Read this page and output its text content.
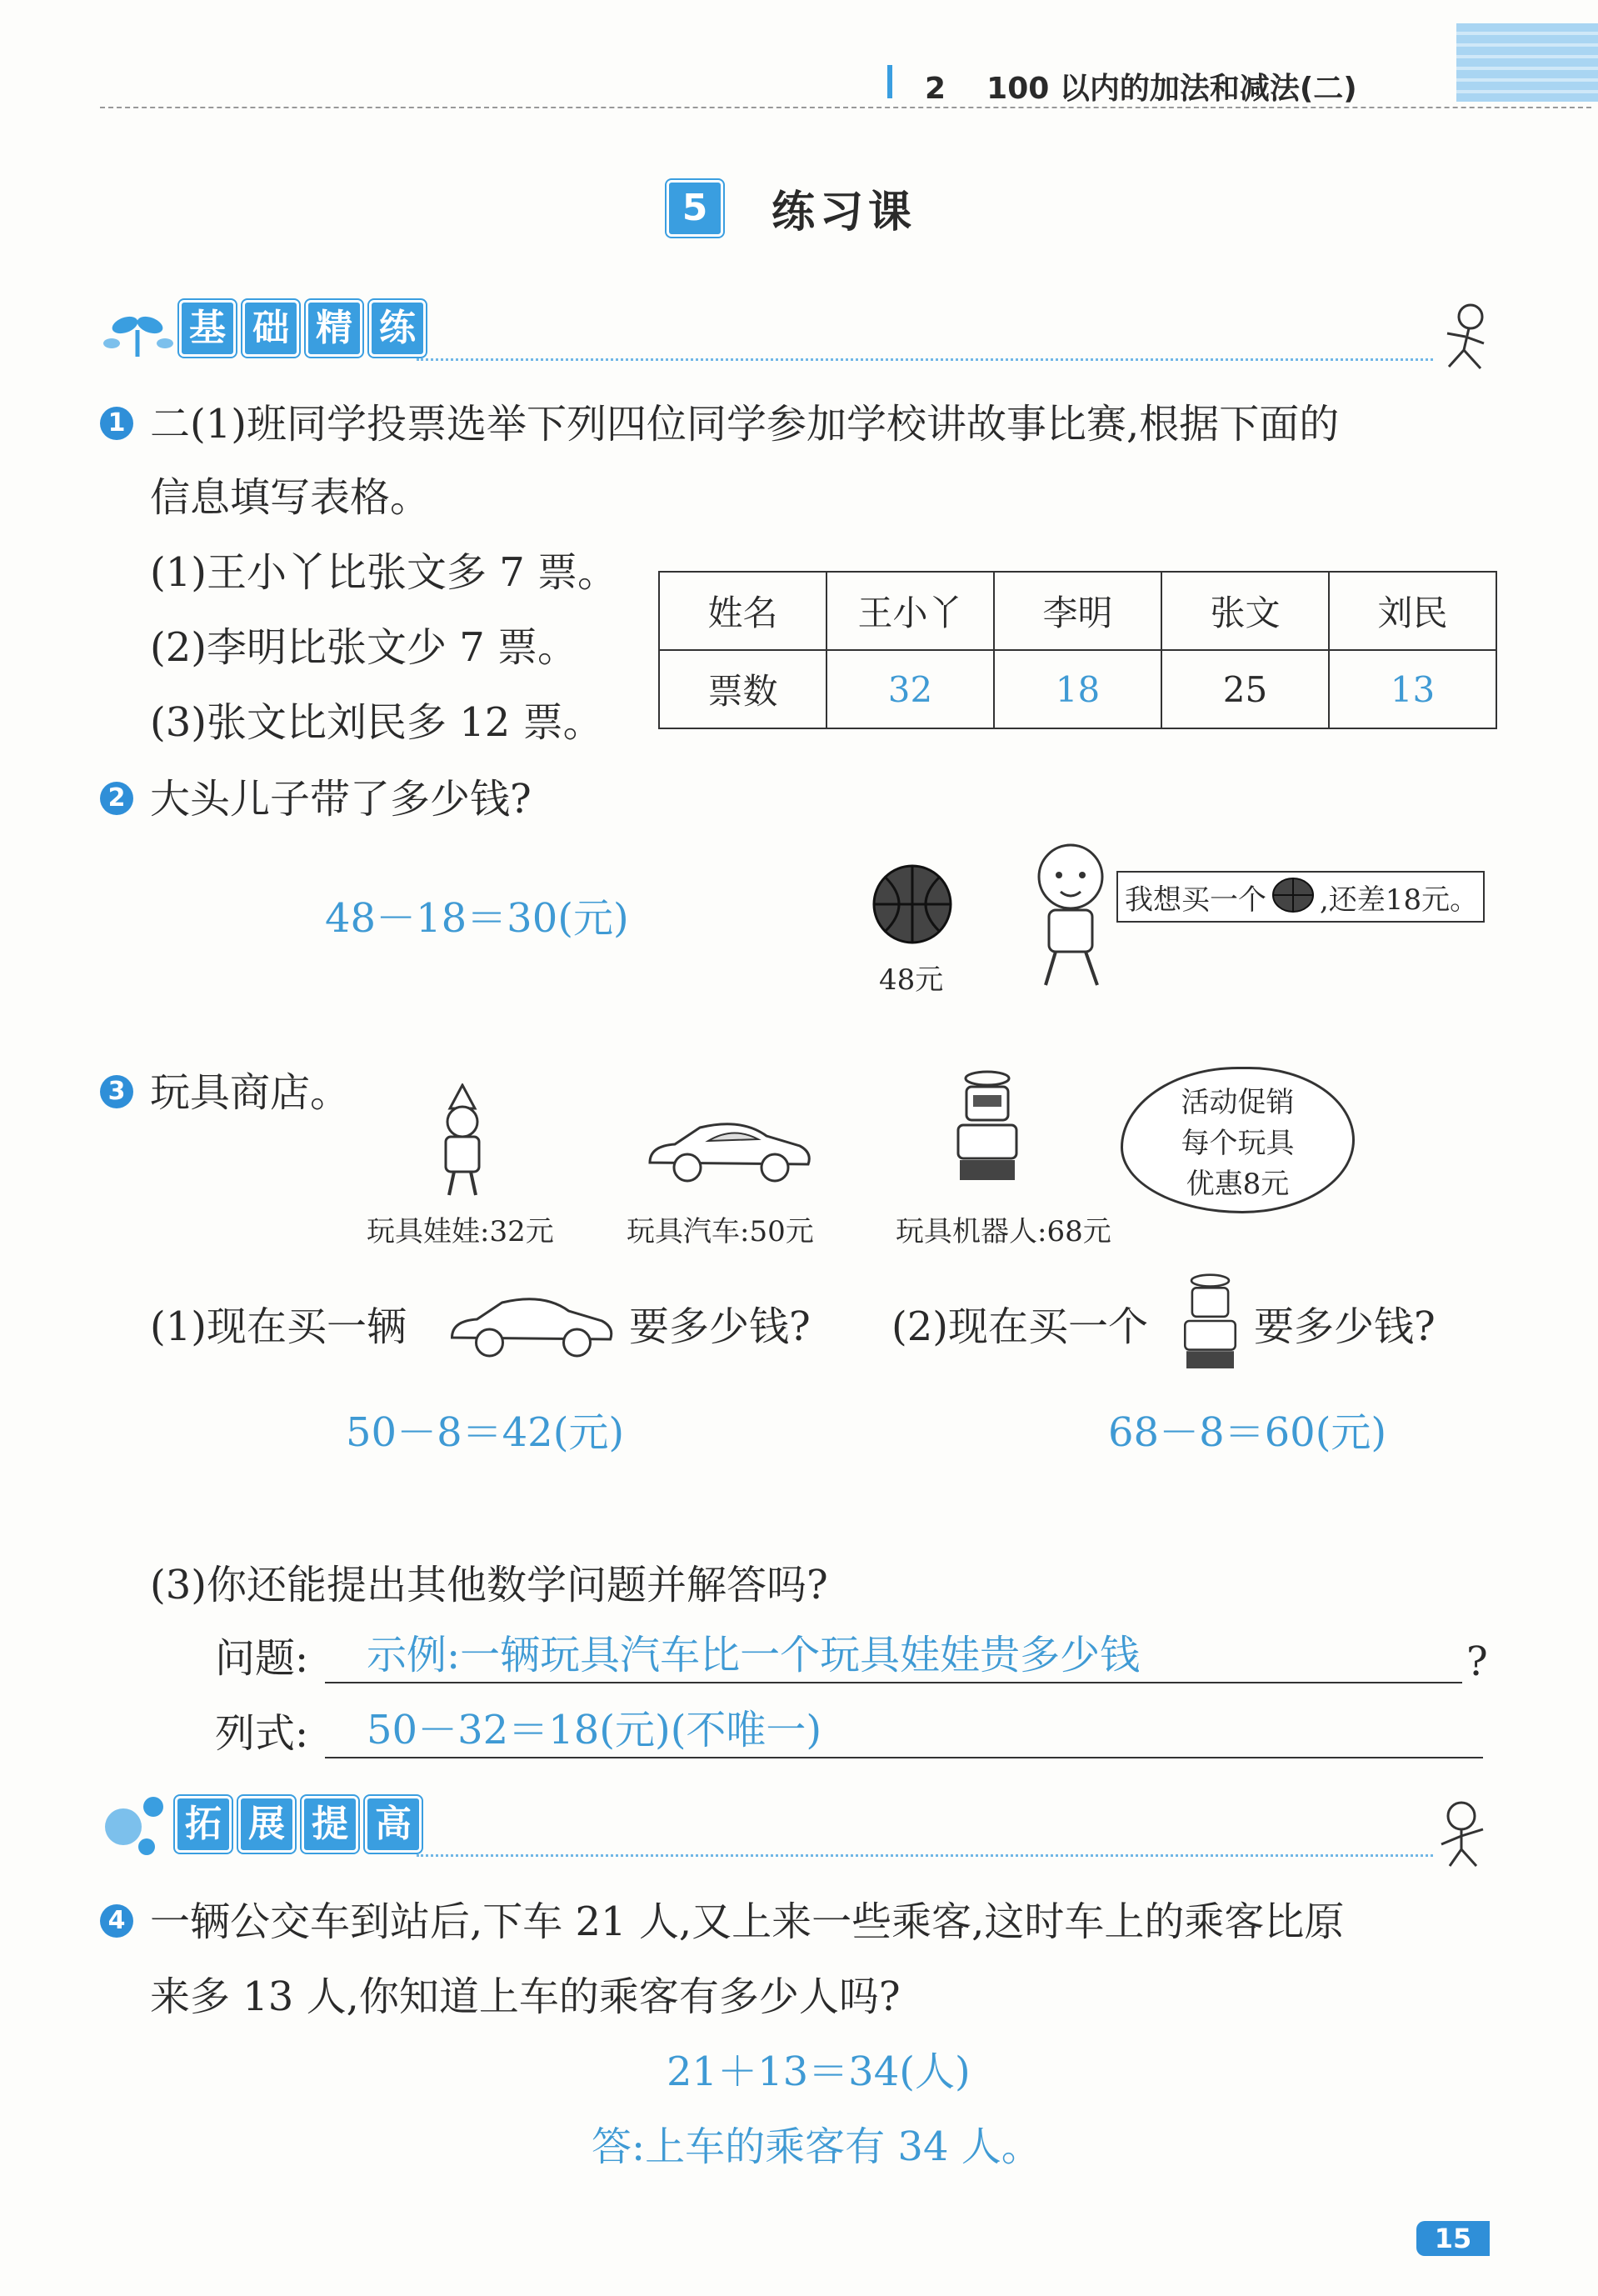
2 100 以内的加法和减法(二)
5	练习课
基 础 精 练
1 二(1)班同学投票选举下列四位同学参加学校讲故事比赛,根据下面的
信息填写表格。
(1)王小丫比张文多 7 票。
(2)李明比张文少 7 票。
(3)张文比刘民多 12 票。
姓名	王小丫	李明	张文	刘民
票数	32	18	25	13
2 大头儿子带了多少钱?
48－18＝30(元)
48元
我想买一个 ,还差18元。
3 玩具商店。	活动促销
每个玩具
优惠8元
玩具娃娃:32元	玩具汽车:50元	玩具机器人:68元
(1)现在买一辆	要多少钱? (2)现在买一个	要多少钱?
50－8＝42(元)	68－8＝60(元)
(3)你还能提出其他数学问题并解答吗?
问题: 示例:一辆玩具汽车比一个玩具娃娃贵多少钱	?
列式: 50－32＝18(元)(不唯一)
拓 展 提 高
4 一辆公交车到站后,下车 21 人,又上来一些乘客,这时车上的乘客比原
来多 13 人,你知道上车的乘客有多少人吗?
21＋13＝34(人)
答:上车的乘客有 34 人。
15
